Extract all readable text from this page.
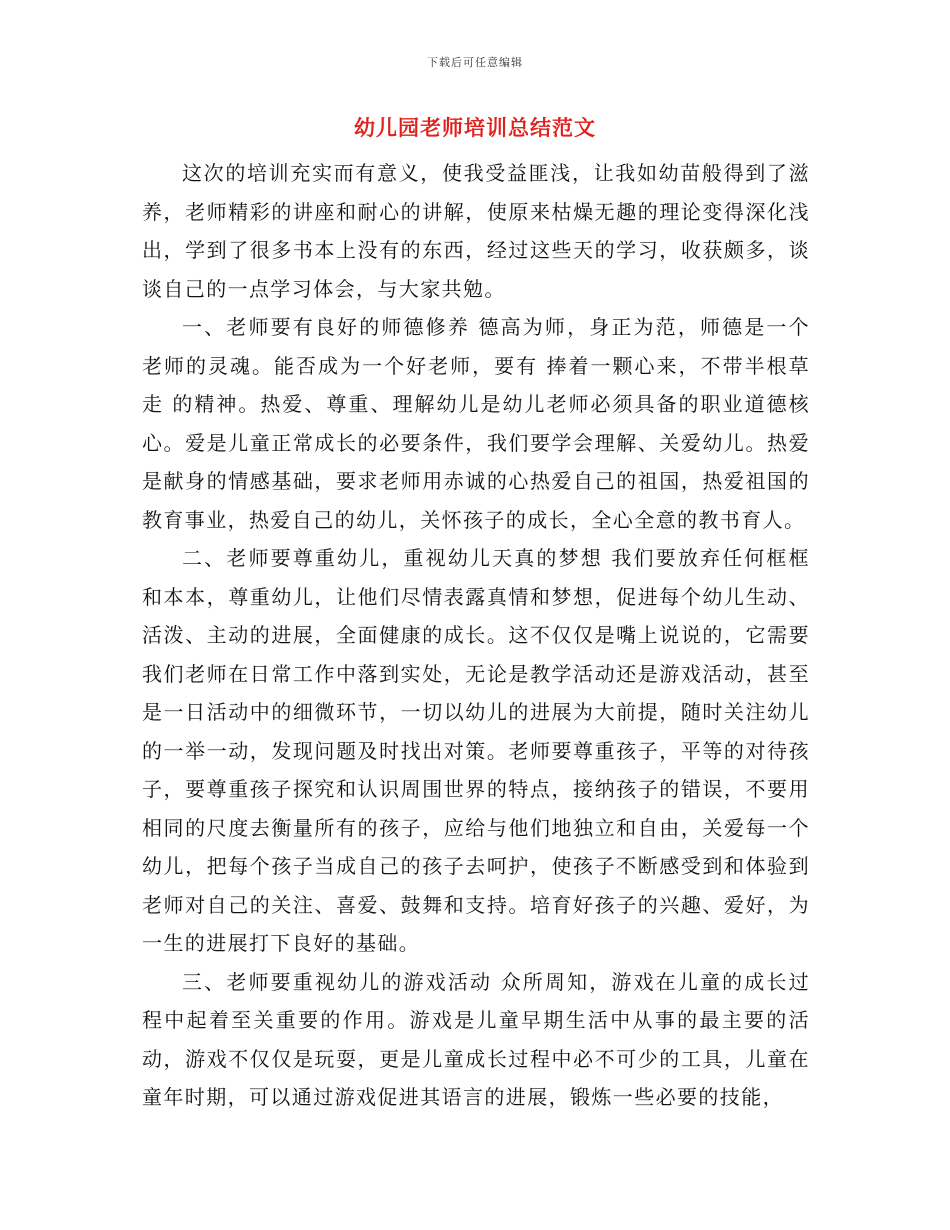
下载后可任意编辑
幼儿园老师培训总结范文

这次的培训充实而有意义，使我受益匪浅，让我如幼苗般得到了滋养，老师精彩的讲座和耐心的讲解，使原来枯燥无趣的理论变得深化浅出，学到了很多书本上没有的东西，经过这些天的学习，收获颇多，谈谈自己的一点学习体会，与大家共勉。

一、老师要有良好的师德修养 德高为师，身正为范，师德是一个老师的灵魂。能否成为一个好老师，要有 捧着一颗心来，不带半根草走 的精神。热爱、尊重、理解幼儿是幼儿老师必须具备的职业道德核心。爱是儿童正常成长的必要条件，我们要学会理解、关爱幼儿。热爱是献身的情感基础，要求老师用赤诚的心热爱自己的祖国，热爱祖国的教育事业，热爱自己的幼儿，关怀孩子的成长，全心全意的教书育人。

二、老师要尊重幼儿，重视幼儿天真的梦想 我们要放弃任何框框和本本，尊重幼儿，让他们尽情表露真情和梦想，促进每个幼儿生动、活泼、主动的进展，全面健康的成长。这不仅仅是嘴上说说的，它需要我们老师在日常工作中落到实处，无论是教学活动还是游戏活动，甚至是一日活动中的细微环节，一切以幼儿的进展为大前提，随时关注幼儿的一举一动，发现问题及时找出对策。老师要尊重孩子，平等的对待孩子，要尊重孩子探究和认识周围世界的特点，接纳孩子的错误，不要用相同的尺度去衡量所有的孩子，应给与他们地独立和自由，关爱每一个幼儿，把每个孩子当成自己的孩子去呵护，使孩子不断感受到和体验到老师对自己的关注、喜爱、鼓舞和支持。培育好孩子的兴趣、爱好，为一生的进展打下良好的基础。

三、老师要重视幼儿的游戏活动 众所周知，游戏在儿童的成长过程中起着至关重要的作用。游戏是儿童早期生活中从事的最主要的活动，游戏不仅仅是玩耍，更是儿童成长过程中必不可少的工具，儿童在童年时期，可以通过游戏促进其语言的进展，锻炼一些必要的技能，
